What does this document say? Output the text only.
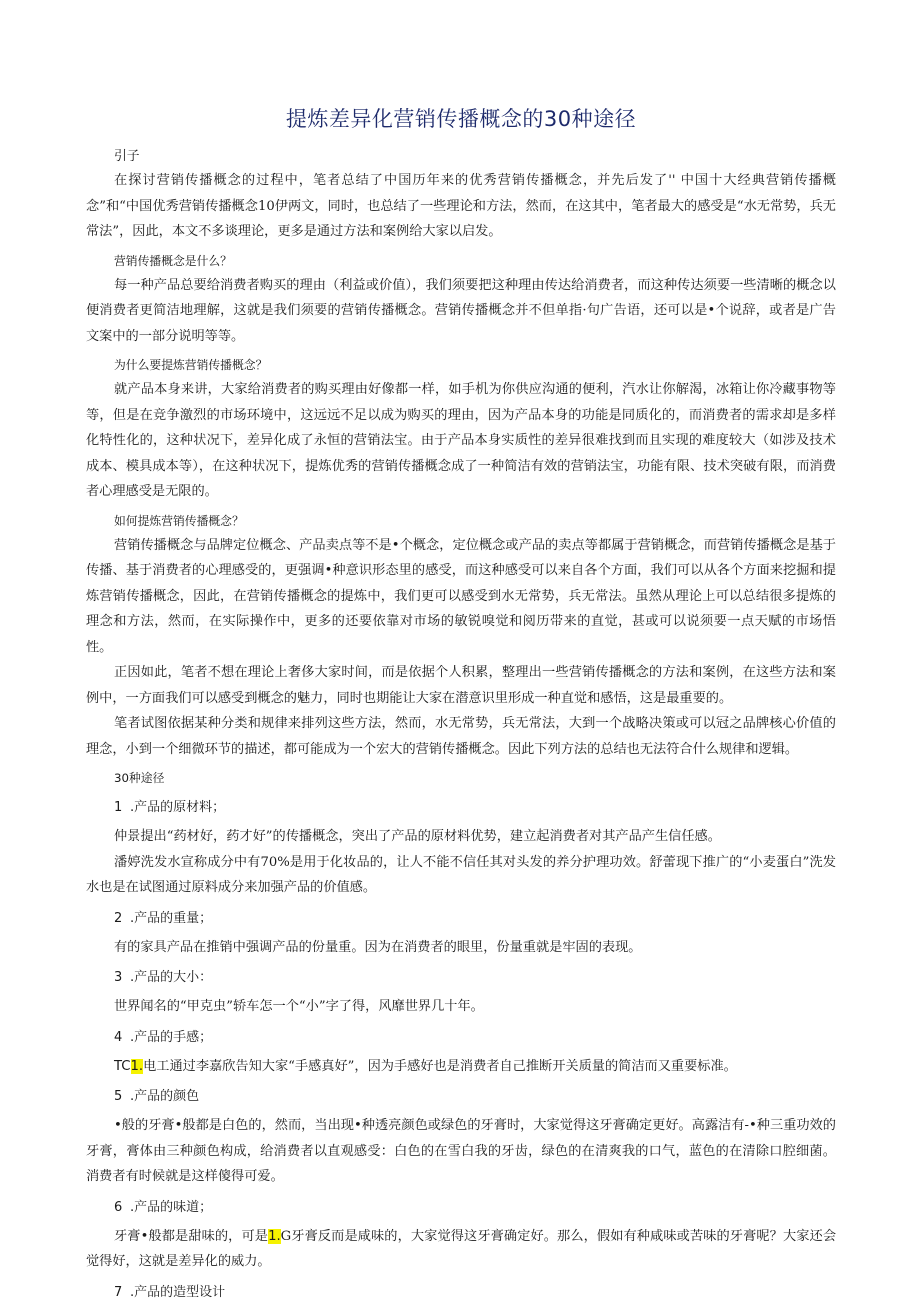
提炼差异化营销传播概念的30种途径

引子

在探讨营销传播概念的过程中，笔者总结了中国历年来的优秀营销传播概念，并先后发了'' 中国十大经典营销传播概念”和“中国优秀营销传播概念10伊两文，同时，也总结了一些理论和方法，然而，在这其中，笔者最大的感受是“水无常势，兵无常法”，因此，本文不多谈理论，更多是通过方法和案例给大家以启发。

营销传播概念是什么？

每一种产品总要给消费者购买的理由（利益或价值），我们须要把这种理由传达给消费者，而这种传达须要一些清晰的概念以便消费者更简洁地理解，这就是我们须要的营销传播概念。营销传播概念并不但单指·句广告语，还可以是•个说辞，或者是广告文案中的一部分说明等等。

为什么要提炼营销传播概念？

就产品本身来讲，大家给消费者的购买理由好像都一样，如手机为你供应沟通的便利，汽水让你解渴，冰箱让你冷藏事物等等，但是在竞争激烈的市场环境中，这远远不足以成为购买的理由，因为产品本身的功能是同质化的，而消费者的需求却是多样化特性化的，这种状况下，差异化成了永恒的营销法宝。由于产品本身实质性的差异很难找到而且实现的难度较大（如涉及技术成本、模具成本等），在这种状况下，提炼优秀的营销传播概念成了一种简洁有效的营销法宝，功能有限、技术突破有限，而消费者心理感受是无限的。

如何提炼营销传播概念？

营销传播概念与品牌定位概念、产品卖点等不是•个概念，定位概念或产品的卖点等都属于营销概念，而营销传播概念是基于传播、基于消费者的心理感受的，更强调•种意识形态里的感受，而这种感受可以来自各个方面，我们可以从各个方面来挖掘和提炼营销传播概念，因此，在营销传播概念的提炼中，我们更可以感受到水无常势，兵无常法。虽然从理论上可以总结很多提炼的理念和方法，然而，在实际操作中，更多的还要依靠对市场的敏锐嗅觉和阅历带来的直觉，甚或可以说须要一点天赋的市场悟性。

正因如此，笔者不想在理论上奢侈大家时间，而是依据个人积累，整理出一些营销传播概念的方法和案例，在这些方法和案例中，一方面我们可以感受到概念的魅力，同时也期能让大家在潜意识里形成一种直觉和感悟，这是最重要的。

笔者试图依据某种分类和规律来排列这些方法，然而，水无常势，兵无常法，大到一个战略决策或可以冠之品牌核心价值的理念，小到一个细微环节的描述，都可能成为一个宏大的营销传播概念。因此下列方法的总结也无法符合什么规律和逻辑。

30种途径

1 .产品的原材料；

仲景提出“药材好，药才好”的传播概念，突出了产品的原材料优势，建立起消费者对其产品产生信任感。

潘婷洗发水宣称成分中有70%是用于化妆品的，让人不能不信任其对头发的养分护理功效。舒蕾现下推广的“小麦蛋白”洗发水也是在试图通过原料成分来加强产品的价值感。

2 .产品的重量；

有的家具产品在推销中强调产品的份量重。因为在消费者的眼里，份量重就是牢固的表现。

3 .产品的大小：

世界闻名的“甲克虫”轿车怎一个“小”字了得，风靡世界几十年。

4 .产品的手感；

TC1.电工通过李嘉欣告知大家“手感真好”，因为手感好也是消费者自己推断开关质量的简洁而又重要标准。

5 .产品的颜色

•般的牙膏•般都是白色的，然而，当出现•种透亮颜色或绿色的牙膏时，大家觉得这牙膏确定更好。高露洁有-•种三重功效的牙膏，膏体由三种颜色构成，给消费者以直观感受：白色的在雪白我的牙齿，绿色的在清爽我的口气，蓝色的在清除口腔细菌。消费者有时候就是这样傻得可爱。

6 .产品的味道；

牙膏•般都是甜味的，可是1.G牙膏反而是咸味的，大家觉得这牙膏确定好。那么，假如有种咸味或苦味的牙膏呢？大家还会觉得好，这就是差异化的威力。

7 .产品的造型设计
